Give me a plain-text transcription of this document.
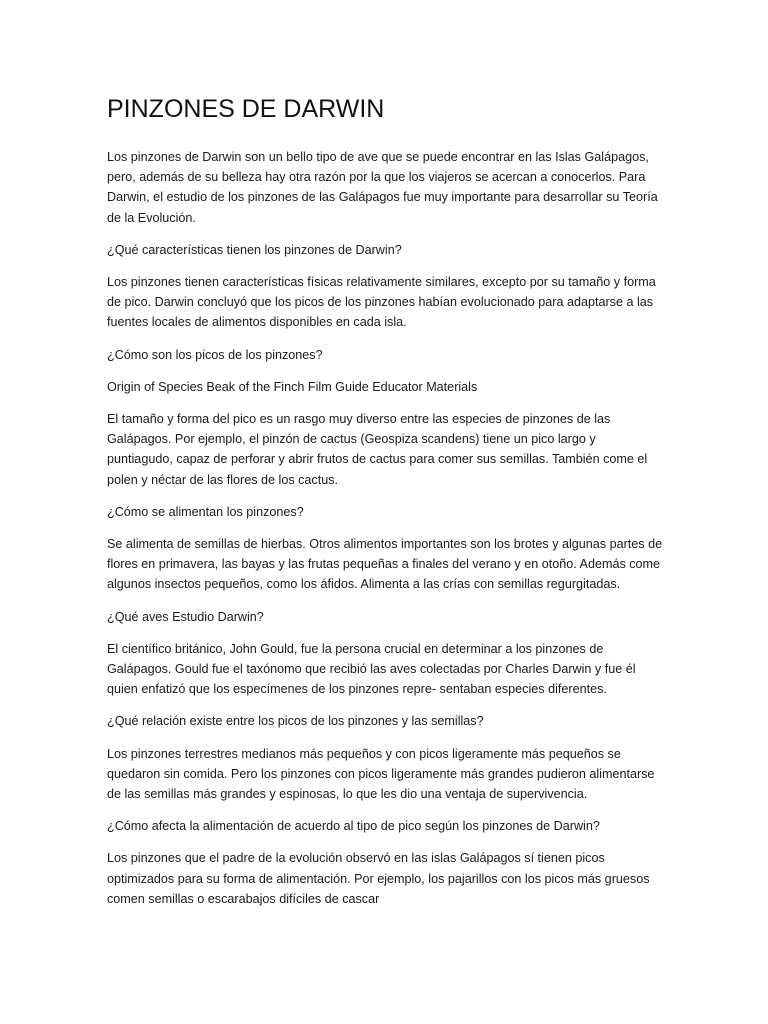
PINZONES DE DARWIN

Los pinzones de Darwin son un bello tipo de ave que se puede encontrar en las Islas Galápagos, pero, además de su belleza hay otra razón por la que los viajeros se acercan a conocerlos. Para Darwin, el estudio de los pinzones de las Galápagos fue muy importante para desarrollar su Teoría de la Evolución.

¿Qué características tienen los pinzones de Darwin?

Los pinzones tienen características físicas relativamente similares, excepto por su tamaño y forma de pico. Darwin concluyó que los picos de los pinzones habían evolucionado para adaptarse a las fuentes locales de alimentos disponibles en cada isla.

¿Cómo son los picos de los pinzones?

Origin of Species Beak of the Finch Film Guide Educator Materials

El tamaño y forma del pico es un rasgo muy diverso entre las especies de pinzones de las Galápagos. Por ejemplo, el pinzón de cactus (Geospiza scandens) tiene un pico largo y puntiagudo, capaz de perforar y abrir frutos de cactus para comer sus semillas. También come el polen y néctar de las flores de los cactus.

¿Cómo se alimentan los pinzones?

Se alimenta de semillas de hierbas. Otros alimentos importantes son los brotes y algunas partes de flores en primavera, las bayas y las frutas pequeñas a finales del verano y en otoño. Además come algunos insectos pequeños, como los áfidos. Alimenta a las crías con semillas regurgitadas.

¿Qué aves Estudio Darwin?

El científico británico, John Gould, fue la persona crucial en determinar a los pinzones de Galápagos. Gould fue el taxónomo que recibió las aves colectadas por Charles Darwin y fue él quien enfatizó que los especímenes de los pinzones repre- sentaban especies diferentes.

¿Qué relación existe entre los picos de los pinzones y las semillas?

Los pinzones terrestres medianos más pequeños y con picos ligeramente más pequeños se quedaron sin comida. Pero los pinzones con picos ligeramente más grandes pudieron alimentarse de las semillas más grandes y espinosas, lo que les dio una ventaja de supervivencia.

¿Cómo afecta la alimentación de acuerdo al tipo de pico según los pinzones de Darwin?

Los pinzones que el padre de la evolución observó en las islas Galápagos sí tienen picos optimizados para su forma de alimentación. Por ejemplo, los pajarillos con los picos más gruesos comen semillas o escarabajos difíciles de cascar
